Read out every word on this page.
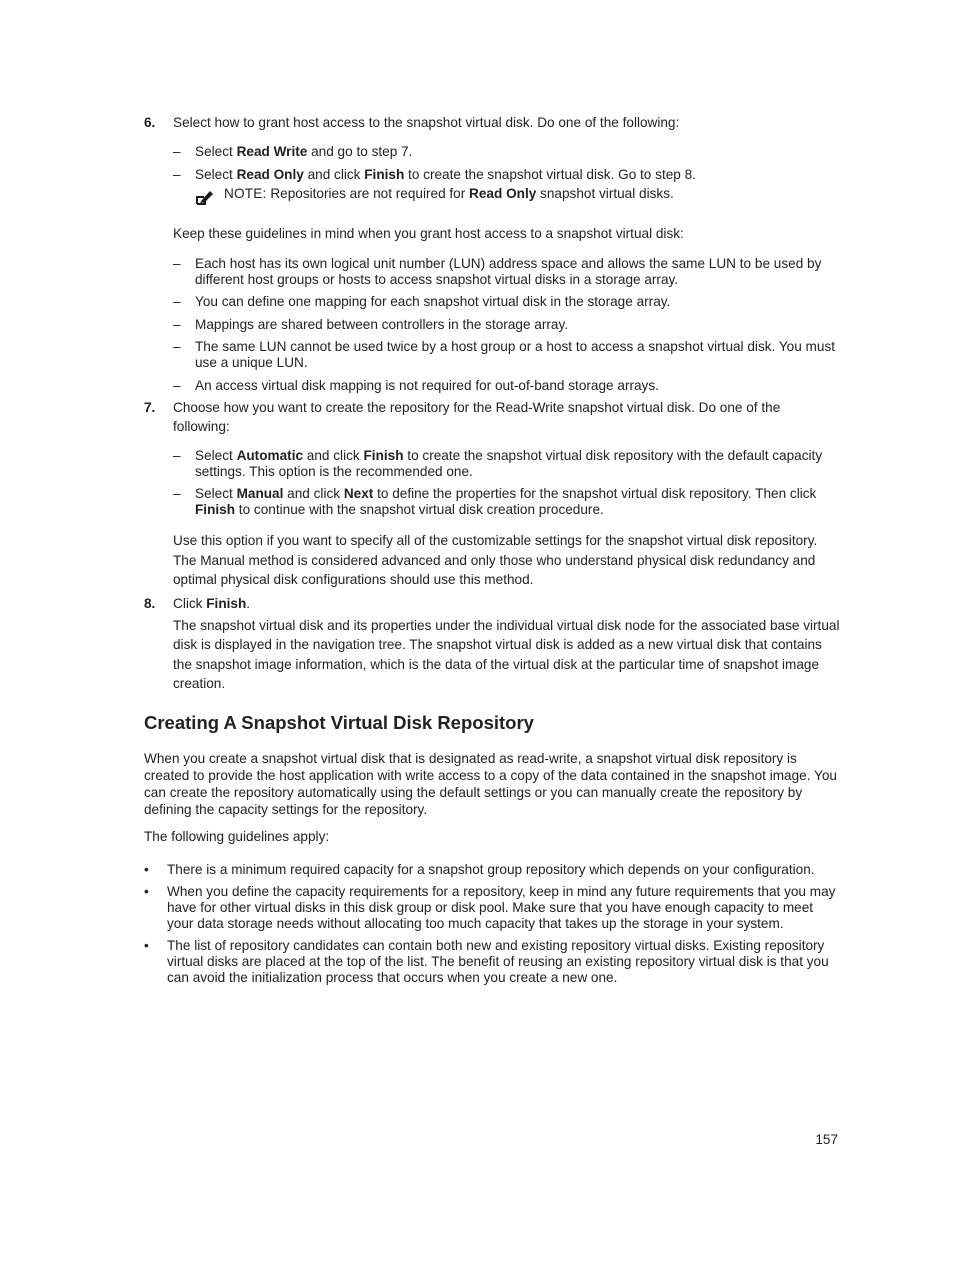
6. Select how to grant host access to the snapshot virtual disk. Do one of the following:
– Select Read Write and go to step 7.
– Select Read Only and click Finish to create the snapshot virtual disk. Go to step 8.
NOTE: Repositories are not required for Read Only snapshot virtual disks.
Keep these guidelines in mind when you grant host access to a snapshot virtual disk:
– Each host has its own logical unit number (LUN) address space and allows the same LUN to be used by different host groups or hosts to access snapshot virtual disks in a storage array.
– You can define one mapping for each snapshot virtual disk in the storage array.
– Mappings are shared between controllers in the storage array.
– The same LUN cannot be used twice by a host group or a host to access a snapshot virtual disk. You must use a unique LUN.
– An access virtual disk mapping is not required for out-of-band storage arrays.
7. Choose how you want to create the repository for the Read-Write snapshot virtual disk. Do one of the following:
– Select Automatic and click Finish to create the snapshot virtual disk repository with the default capacity settings. This option is the recommended one.
– Select Manual and click Next to define the properties for the snapshot virtual disk repository. Then click Finish to continue with the snapshot virtual disk creation procedure.
Use this option if you want to specify all of the customizable settings for the snapshot virtual disk repository. The Manual method is considered advanced and only those who understand physical disk redundancy and optimal physical disk configurations should use this method.
8. Click Finish.
The snapshot virtual disk and its properties under the individual virtual disk node for the associated base virtual disk is displayed in the navigation tree. The snapshot virtual disk is added as a new virtual disk that contains the snapshot image information, which is the data of the virtual disk at the particular time of snapshot image creation.
Creating A Snapshot Virtual Disk Repository
When you create a snapshot virtual disk that is designated as read-write, a snapshot virtual disk repository is created to provide the host application with write access to a copy of the data contained in the snapshot image. You can create the repository automatically using the default settings or you can manually create the repository by defining the capacity settings for the repository.
The following guidelines apply:
• There is a minimum required capacity for a snapshot group repository which depends on your configuration.
• When you define the capacity requirements for a repository, keep in mind any future requirements that you may have for other virtual disks in this disk group or disk pool. Make sure that you have enough capacity to meet your data storage needs without allocating too much capacity that takes up the storage in your system.
• The list of repository candidates can contain both new and existing repository virtual disks. Existing repository virtual disks are placed at the top of the list. The benefit of reusing an existing repository virtual disk is that you can avoid the initialization process that occurs when you create a new one.
157
